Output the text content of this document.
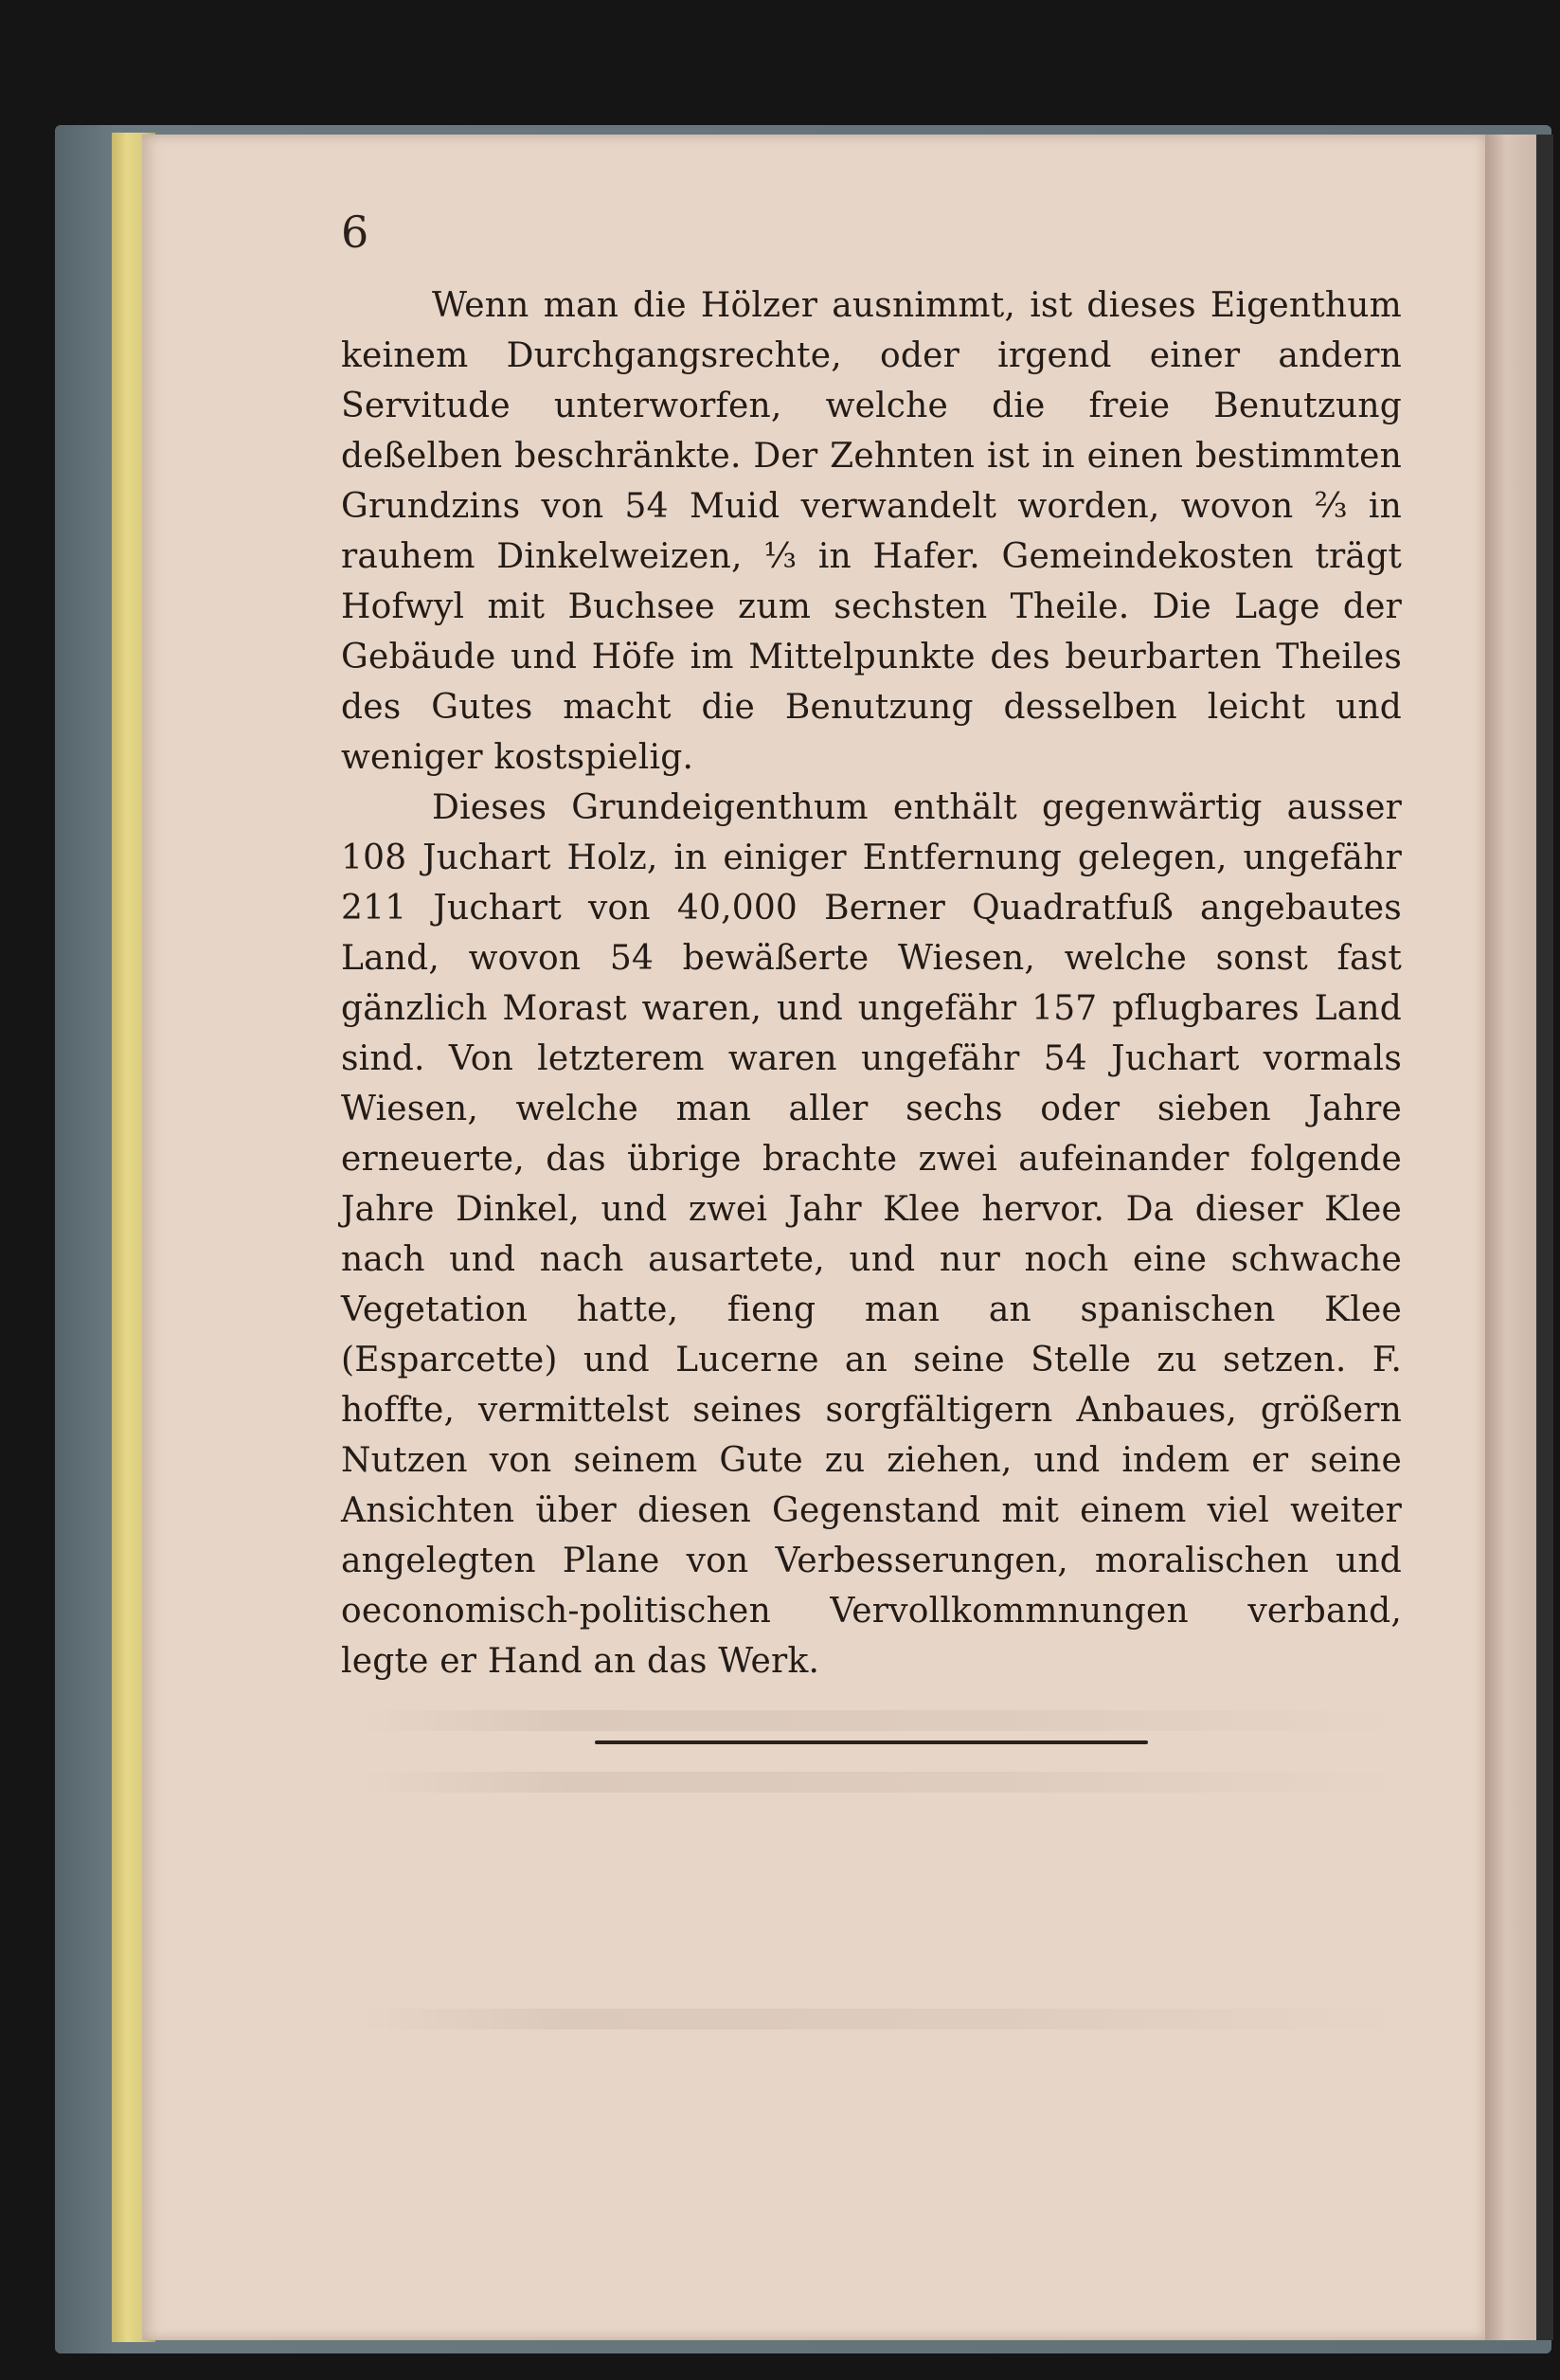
6

Wenn man die Hölzer ausnimmt, ist dieses Eigenthum keinem Durchgangsrechte, oder irgend einer andern Servitude unterworfen, welche die freie Benutzung deßelben beschränkte. Der Zehnten ist in einen bestimmten Grundzins von 54 Muid verwandelt worden, wovon ⅔ in rauhem Dinkelweizen, ⅓ in Hafer. Gemeindekosten trägt Hofwyl mit Buchsee zum sechsten Theile. Die Lage der Gebäude und Höfe im Mittelpunkte des beurbarten Theiles des Gutes macht die Benutzung desselben leicht und weniger kostspielig.

Dieses Grundeigenthum enthält gegenwärtig ausser 108 Juchart Holz, in einiger Entfernung gelegen, ungefähr 211 Juchart von 40,000 Berner Quadratfuß angebautes Land, wovon 54 bewäßerte Wiesen, welche sonst fast gänzlich Morast waren, und ungefähr 157 pflugbares Land sind. Von letzterem waren ungefähr 54 Juchart vormals Wiesen, welche man aller sechs oder sieben Jahre erneuerte, das übrige brachte zwei aufeinander folgende Jahre Dinkel, und zwei Jahr Klee hervor. Da dieser Klee nach und nach ausartete, und nur noch eine schwache Vegetation hatte, fieng man an spanischen Klee (Esparcette) und Lucerne an seine Stelle zu setzen. F. hoffte, vermittelst seines sorgfältigern Anbaues, größern Nutzen von seinem Gute zu ziehen, und indem er seine Ansichten über diesen Gegenstand mit einem viel weiter angelegten Plane von Verbesserungen, moralischen und oeconomisch-politischen Vervollkommnungen verband, legte er Hand an das Werk.
